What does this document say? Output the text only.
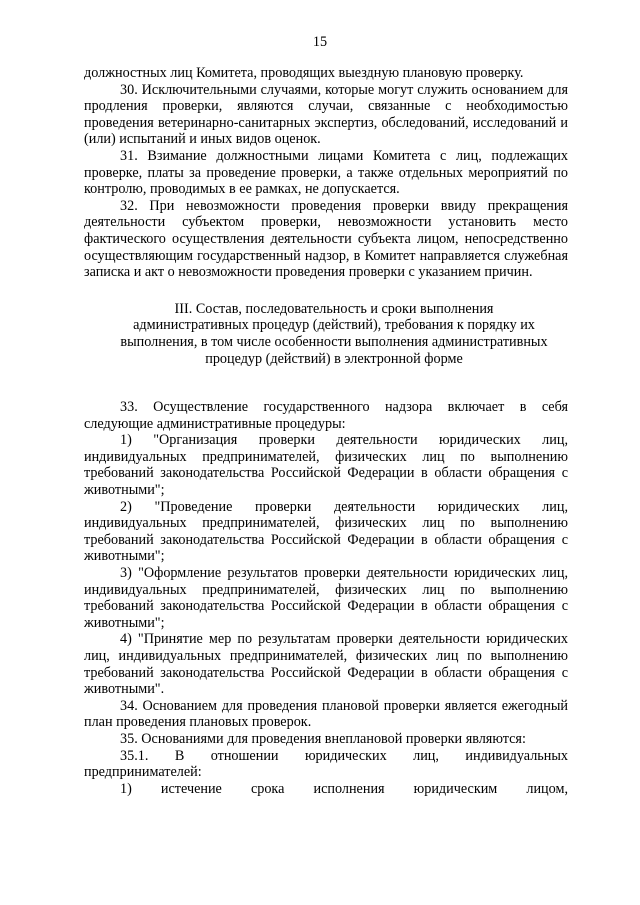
15

должностных лиц Комитета, проводящих выездную плановую проверку.

30. Исключительными случаями, которые могут служить основанием для продления проверки, являются случаи, связанные с необходимостью проведения ветеринарно-санитарных экспертиз, обследований, исследований и (или) испытаний и иных видов оценок.

31. Взимание должностными лицами Комитета с лиц, подлежащих проверке, платы за проведение проверки, а также отдельных мероприятий по контролю, проводимых в ее рамках, не допускается.

32. При невозможности проведения проверки ввиду прекращения деятельности субъектом проверки, невозможности установить место фактического осуществления деятельности субъекта лицом, непосредственно осуществляющим государственный надзор, в Комитет направляется служебная записка и акт о невозможности проведения проверки с указанием причин.

III. Состав, последовательность и сроки выполнения
административных процедур (действий), требования к порядку их
выполнения, в том числе особенности выполнения административных
процедур (действий) в электронной форме

33. Осуществление государственного надзора включает в себя следующие административные процедуры:

1) "Организация проверки деятельности юридических лиц, индивидуальных предпринимателей, физических лиц по выполнению требований законодательства Российской Федерации в области обращения с животными";

2) "Проведение проверки деятельности юридических лиц, индивидуальных предпринимателей, физических лиц по выполнению требований законодательства Российской Федерации в области обращения с животными";

3) "Оформление результатов проверки деятельности юридических лиц, индивидуальных предпринимателей, физических лиц по выполнению требований законодательства Российской Федерации в области обращения с животными";

4) "Принятие мер по результатам проверки деятельности юридических лиц, индивидуальных предпринимателей, физических лиц по выполнению требований законодательства Российской Федерации в области обращения с животными".

34. Основанием для проведения плановой проверки является ежегодный план проведения плановых проверок.

35. Основаниями для проведения внеплановой проверки являются:

35.1. В отношении юридических лиц, индивидуальных предпринимателей:

1) истечение срока исполнения юридическим лицом,
